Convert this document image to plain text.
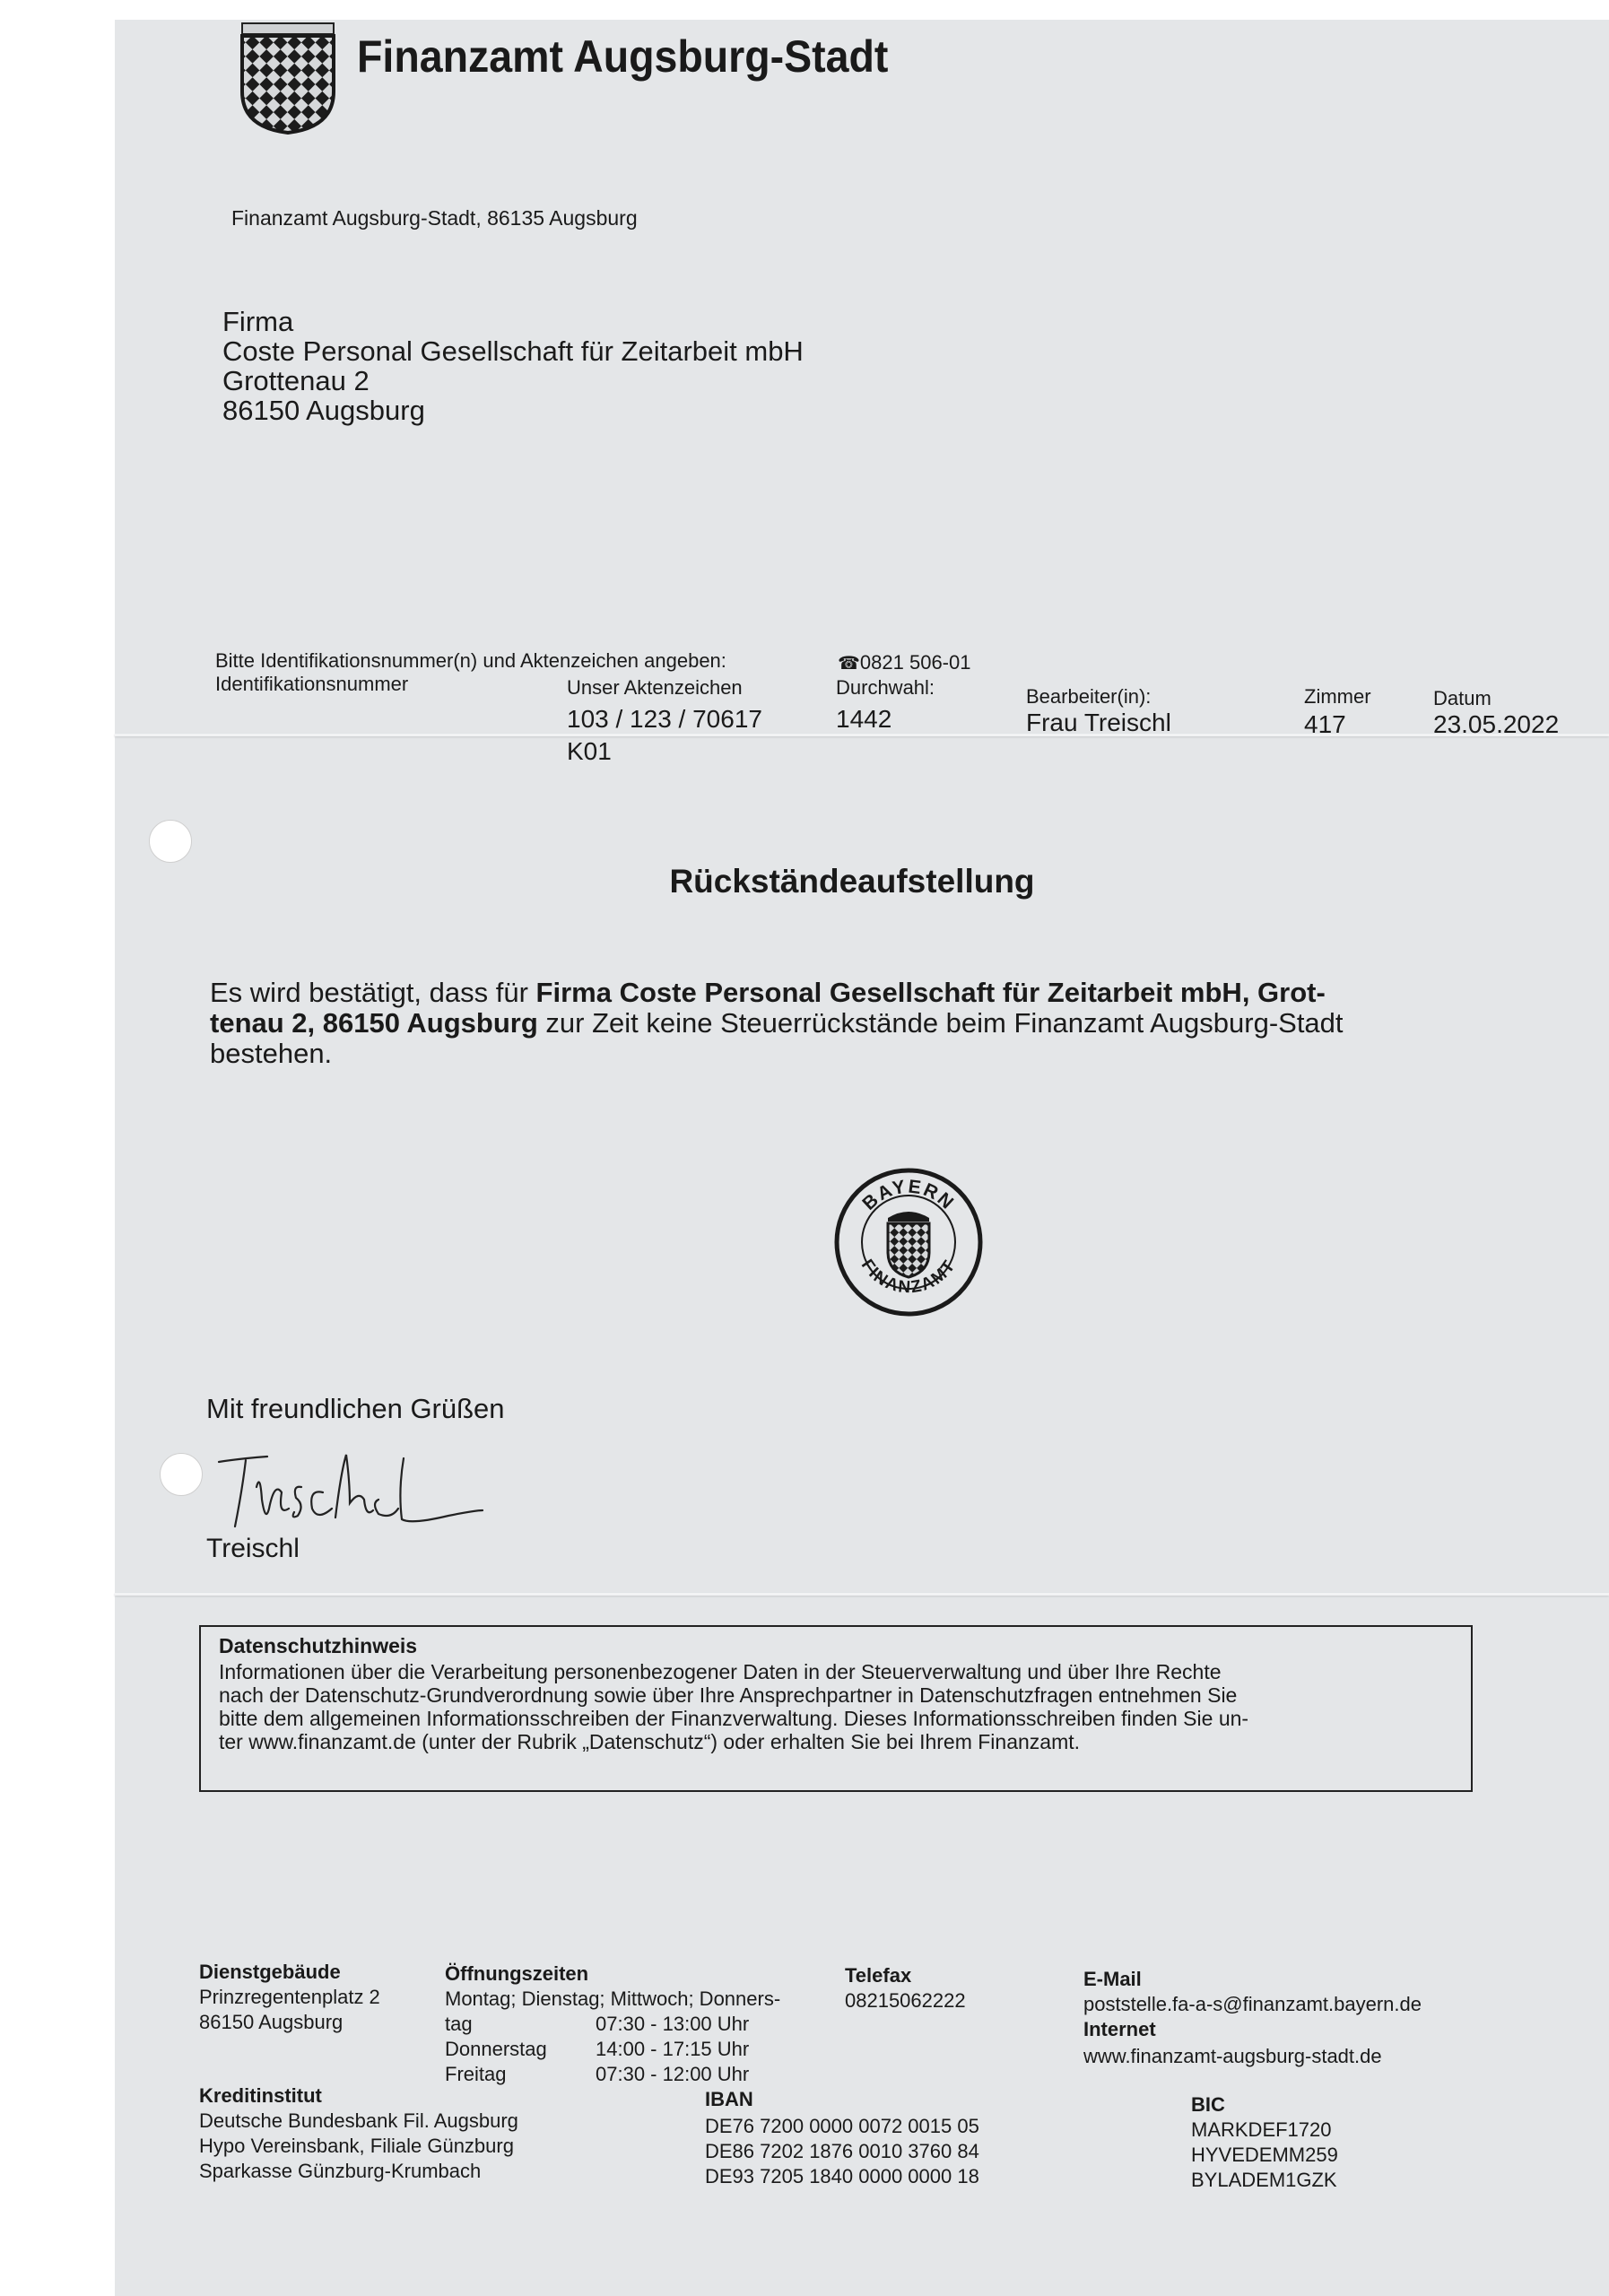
Finanzamt Augsburg-Stadt
Finanzamt Augsburg-Stadt, 86135 Augsburg
Firma
Coste Personal Gesellschaft für Zeitarbeit mbH
Grottenau 2
86150 Augsburg
Bitte Identifikationsnummer(n) und Aktenzeichen angeben:	☎0821 506-01
Identifikationsnummer	Unser Aktenzeichen
103 / 123 / 70617
K01
Durchwahl:
1442
Bearbeiter(in):
Frau Treischl
Zimmer
417
Datum
23.05.2022
Rückständeaufstellung
Es wird bestätigt, dass für Firma Coste Personal Gesellschaft für Zeitarbeit mbH, Grot-
tenau 2, 86150 Augsburg zur Zeit keine Steuerrückstände beim Finanzamt Augsburg-Stadt
bestehen.
BAYERN
FINANZAMT
Mit freundlichen Grüßen
Treischl
Datenschutzhinweis
Informationen über die Verarbeitung personenbezogener Daten in der Steuerverwaltung und über Ihre Rechte
nach der Datenschutz-Grundverordnung sowie über Ihre Ansprechpartner in Datenschutzfragen entnehmen Sie
bitte dem allgemeinen Informationsschreiben der Finanzverwaltung. Dieses Informationsschreiben finden Sie un-
ter www.finanzamt.de (unter der Rubrik „Datenschutz“) oder erhalten Sie bei Ihrem Finanzamt.
Dienstgebäude
Prinzregentenplatz 2
86150 Augsburg
Öffnungszeiten
Montag; Dienstag; Mittwoch; Donners-
tag	07:30 - 13:00 Uhr
Donnerstag 14:00 - 17:15 Uhr
Freitag	07:30 - 12:00 Uhr
Telefax
08215062222
E-Mail
poststelle.fa-a-s@finanzamt.bayern.de
Internet
www.finanzamt-augsburg-stadt.de
Kreditinstitut
Deutsche Bundesbank Fil. Augsburg
Hypo Vereinsbank, Filiale Günzburg
Sparkasse Günzburg-Krumbach
IBAN
DE76 7200 0000 0072 0015 05
DE86 7202 1876 0010 3760 84
DE93 7205 1840 0000 0000 18
BIC
MARKDEF1720
HYVEDEMM259
BYLADEM1GZK
